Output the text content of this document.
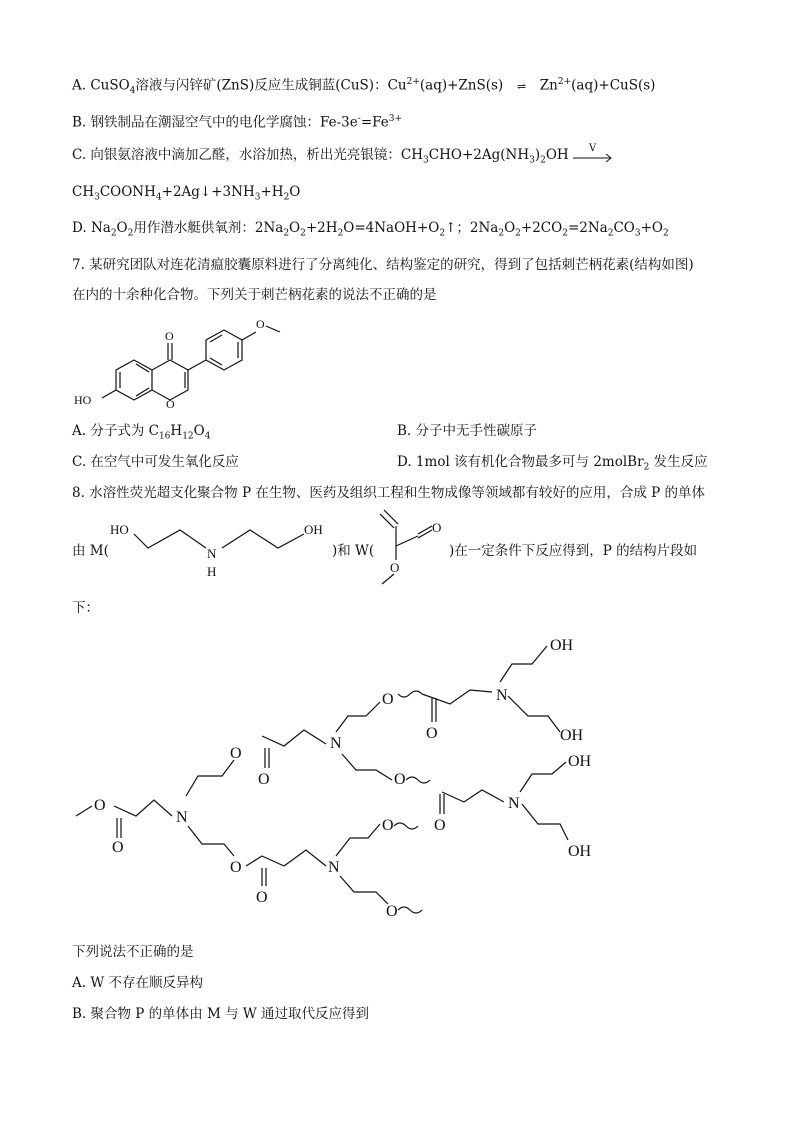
A. CuSO$_4$溶液与闪锌矿(ZnS)反应生成铜蓝(CuS)：$Cu^{2+}(aq)+ZnS(s)$ ⇌ $Zn^{2+}(aq)+CuS(s)$
B. 钢铁制品在潮湿空气中的电化学腐蚀：$Fe-3e^-=Fe^{3+}$
C. 向银氨溶液中滴加乙醛，水浴加热，析出光亮银镜：$CH_3CHO+2Ag(NH_3)_2OH$ V
$CH_3COONH_4+2Ag↓+3NH_3+H_2O$
D. $Na_2O_2$用作潜水艇供氧剂：$2Na_2O_2+2H_2O=4NaOH+O_2↑$；$2Na_2O_2+2CO_2=2Na_2CO_3+O_2$
7. 某研究团队对连花清瘟胶囊原料进行了分离纯化、结构鉴定的研究，得到了包括刺芒柄花素(结构如图)
在内的十余种化合物。下列关于刺芒柄花素的说法不正确的是
O
O
O
HO
A. 分子式为 $C_{16}H_{12}O_4$	B. 分子中无手性碳原子
C. 在空气中可发生氧化反应	D. 1mol 该有机化合物最多可与 2molBr$_2$ 发生反应
8. 水溶性荧光超支化聚合物 P 在生物、医药及组织工程和生物成像等领域都有较好的应用，合成 P 的单体
由 M(
HO
N
H
OH
)和 W(
O
O
)在一定条件下反应得到，P 的结构片段如
下：
OH
N
OH
O
O
N
O
O
O
OH
N
OH
O
N
O
O
O
O
N
O
O
下列说法不正确的是
A. W 不存在顺反异构
B. 聚合物 P 的单体由 M 与 W 通过取代反应得到
